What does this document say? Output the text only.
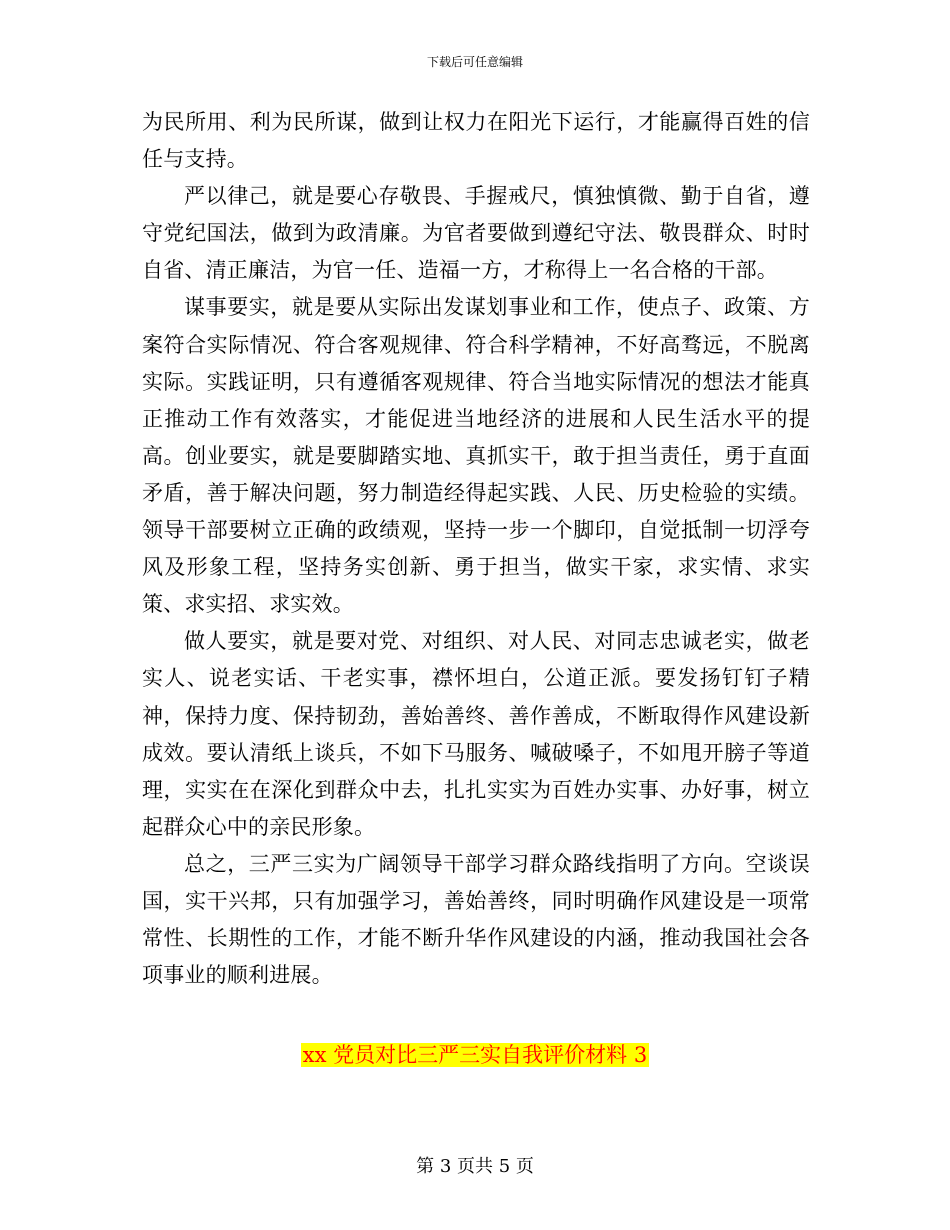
下载后可任意编辑

为民所用、利为民所谋，做到让权力在阳光下运行，才能赢得百姓的信任与支持。

严以律己，就是要心存敬畏、手握戒尺，慎独慎微、勤于自省，遵守党纪国法，做到为政清廉。为官者要做到遵纪守法、敬畏群众、时时自省、清正廉洁，为官一任、造福一方，才称得上一名合格的干部。

谋事要实，就是要从实际出发谋划事业和工作，使点子、政策、方案符合实际情况、符合客观规律、符合科学精神，不好高骛远，不脱离实际。实践证明，只有遵循客观规律、符合当地实际情况的想法才能真正推动工作有效落实，才能促进当地经济的进展和人民生活水平的提高。创业要实，就是要脚踏实地、真抓实干，敢于担当责任，勇于直面矛盾，善于解决问题，努力制造经得起实践、人民、历史检验的实绩。领导干部要树立正确的政绩观，坚持一步一个脚印，自觉抵制一切浮夸风及形象工程，坚持务实创新、勇于担当，做实干家，求实情、求实策、求实招、求实效。

做人要实，就是要对党、对组织、对人民、对同志忠诚老实，做老实人、说老实话、干老实事，襟怀坦白，公道正派。要发扬钉钉子精神，保持力度、保持韧劲，善始善终、善作善成，不断取得作风建设新成效。要认清纸上谈兵，不如下马服务、喊破嗓子，不如甩开膀子等道理，实实在在深化到群众中去，扎扎实实为百姓办实事、办好事，树立起群众心中的亲民形象。

总之，三严三实为广阔领导干部学习群众路线指明了方向。空谈误国，实干兴邦，只有加强学习，善始善终，同时明确作风建设是一项常常性、长期性的工作，才能不断升华作风建设的内涵，推动我国社会各项事业的顺利进展。

xx 党员对比三严三实自我评价材料 3
第 3 页共 5 页
